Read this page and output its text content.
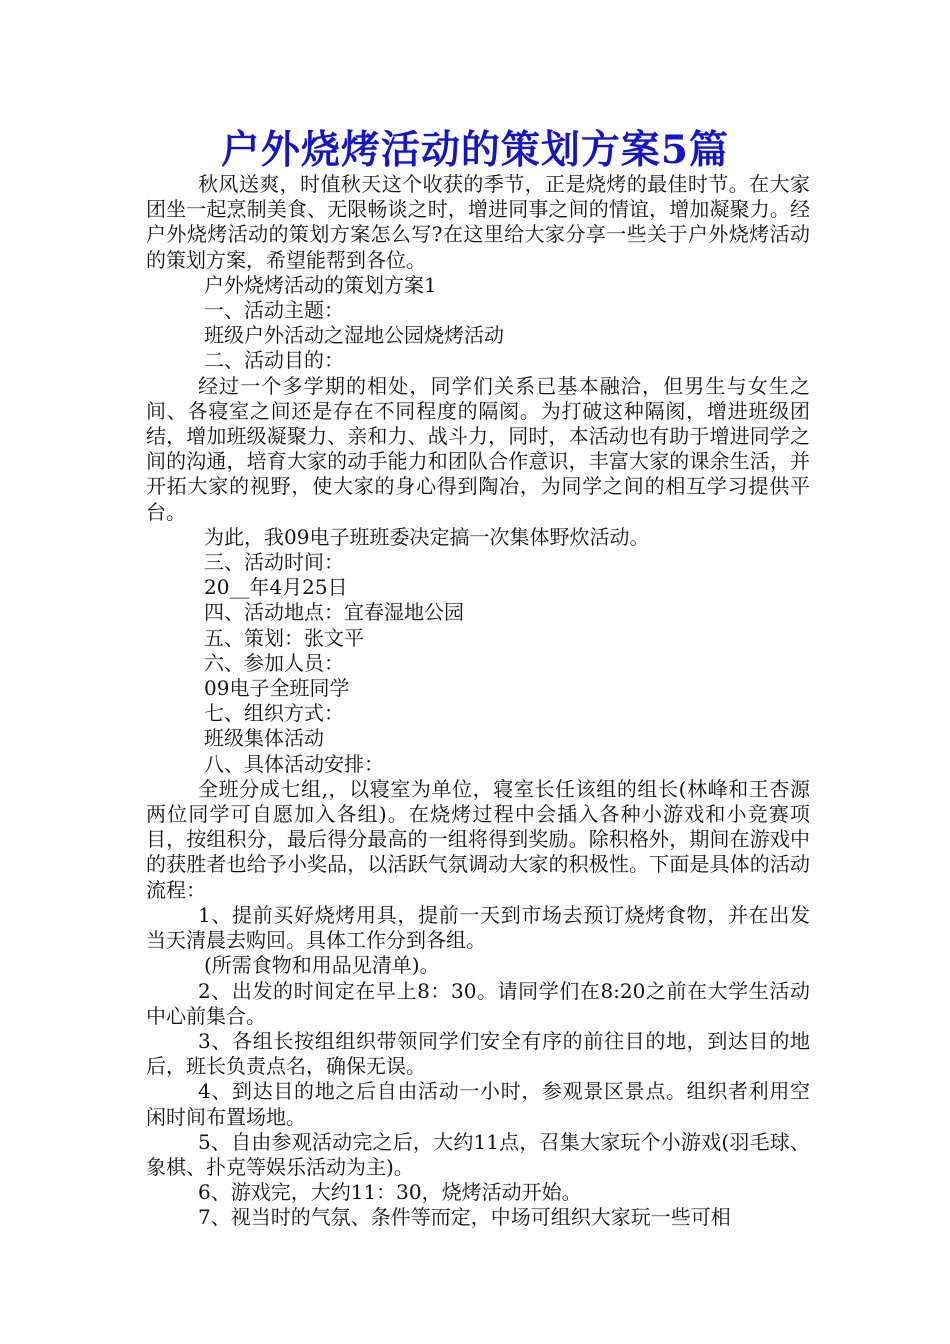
户外烧烤活动的策划方案5篇

秋风送爽，时值秋天这个收获的季节，正是烧烤的最佳时节。在大家团坐一起烹制美食、无限畅谈之时，增进同事之间的情谊，增加凝聚力。经户外烧烤活动的策划方案怎么写?在这里给大家分享一些关于户外烧烤活动的策划方案，希望能帮到各位。

户外烧烤活动的策划方案1

一、活动主题：

班级户外活动之湿地公园烧烤活动

二、活动目的：

经过一个多学期的相处，同学们关系已基本融洽，但男生与女生之间、各寝室之间还是存在不同程度的隔阂。为打破这种隔阂，增进班级团结，增加班级凝聚力、亲和力、战斗力，同时，本活动也有助于增进同学之间的沟通，培育大家的动手能力和团队合作意识，丰富大家的课余生活，并开拓大家的视野，使大家的身心得到陶冶，为同学之间的相互学习提供平台。

为此，我09电子班班委决定搞一次集体野炊活动。

三、活动时间：

20__年4月25日

四、活动地点：宜春湿地公园

五、策划：张文平

六、参加人员：

09电子全班同学

七、组织方式：

班级集体活动

八、具体活动安排：

全班分成七组,，以寝室为单位，寝室长任该组的组长(林峰和王杏源两位同学可自愿加入各组)。在烧烤过程中会插入各种小游戏和小竞赛项目，按组积分，最后得分最高的一组将得到奖励。除积格外，期间在游戏中的获胜者也给予小奖品，以活跃气氛调动大家的积极性。下面是具体的活动流程：

1、提前买好烧烤用具，提前一天到市场去预订烧烤食物，并在出发当天清晨去购回。具体工作分到各组。

(所需食物和用品见清单)。

2、出发的时间定在早上8：30。请同学们在8:20之前在大学生活动中心前集合。

3、各组长按组组织带领同学们安全有序的前往目的地，到达目的地后，班长负责点名，确保无误。

4、到达目的地之后自由活动一小时，参观景区景点。组织者利用空闲时间布置场地。

5、自由参观活动完之后，大约11点，召集大家玩个小游戏(羽毛球、象棋、扑克等娱乐活动为主)。

6、游戏完，大约11：30，烧烤活动开始。

7、视当时的气氛、条件等而定，中场可组织大家玩一些可相
